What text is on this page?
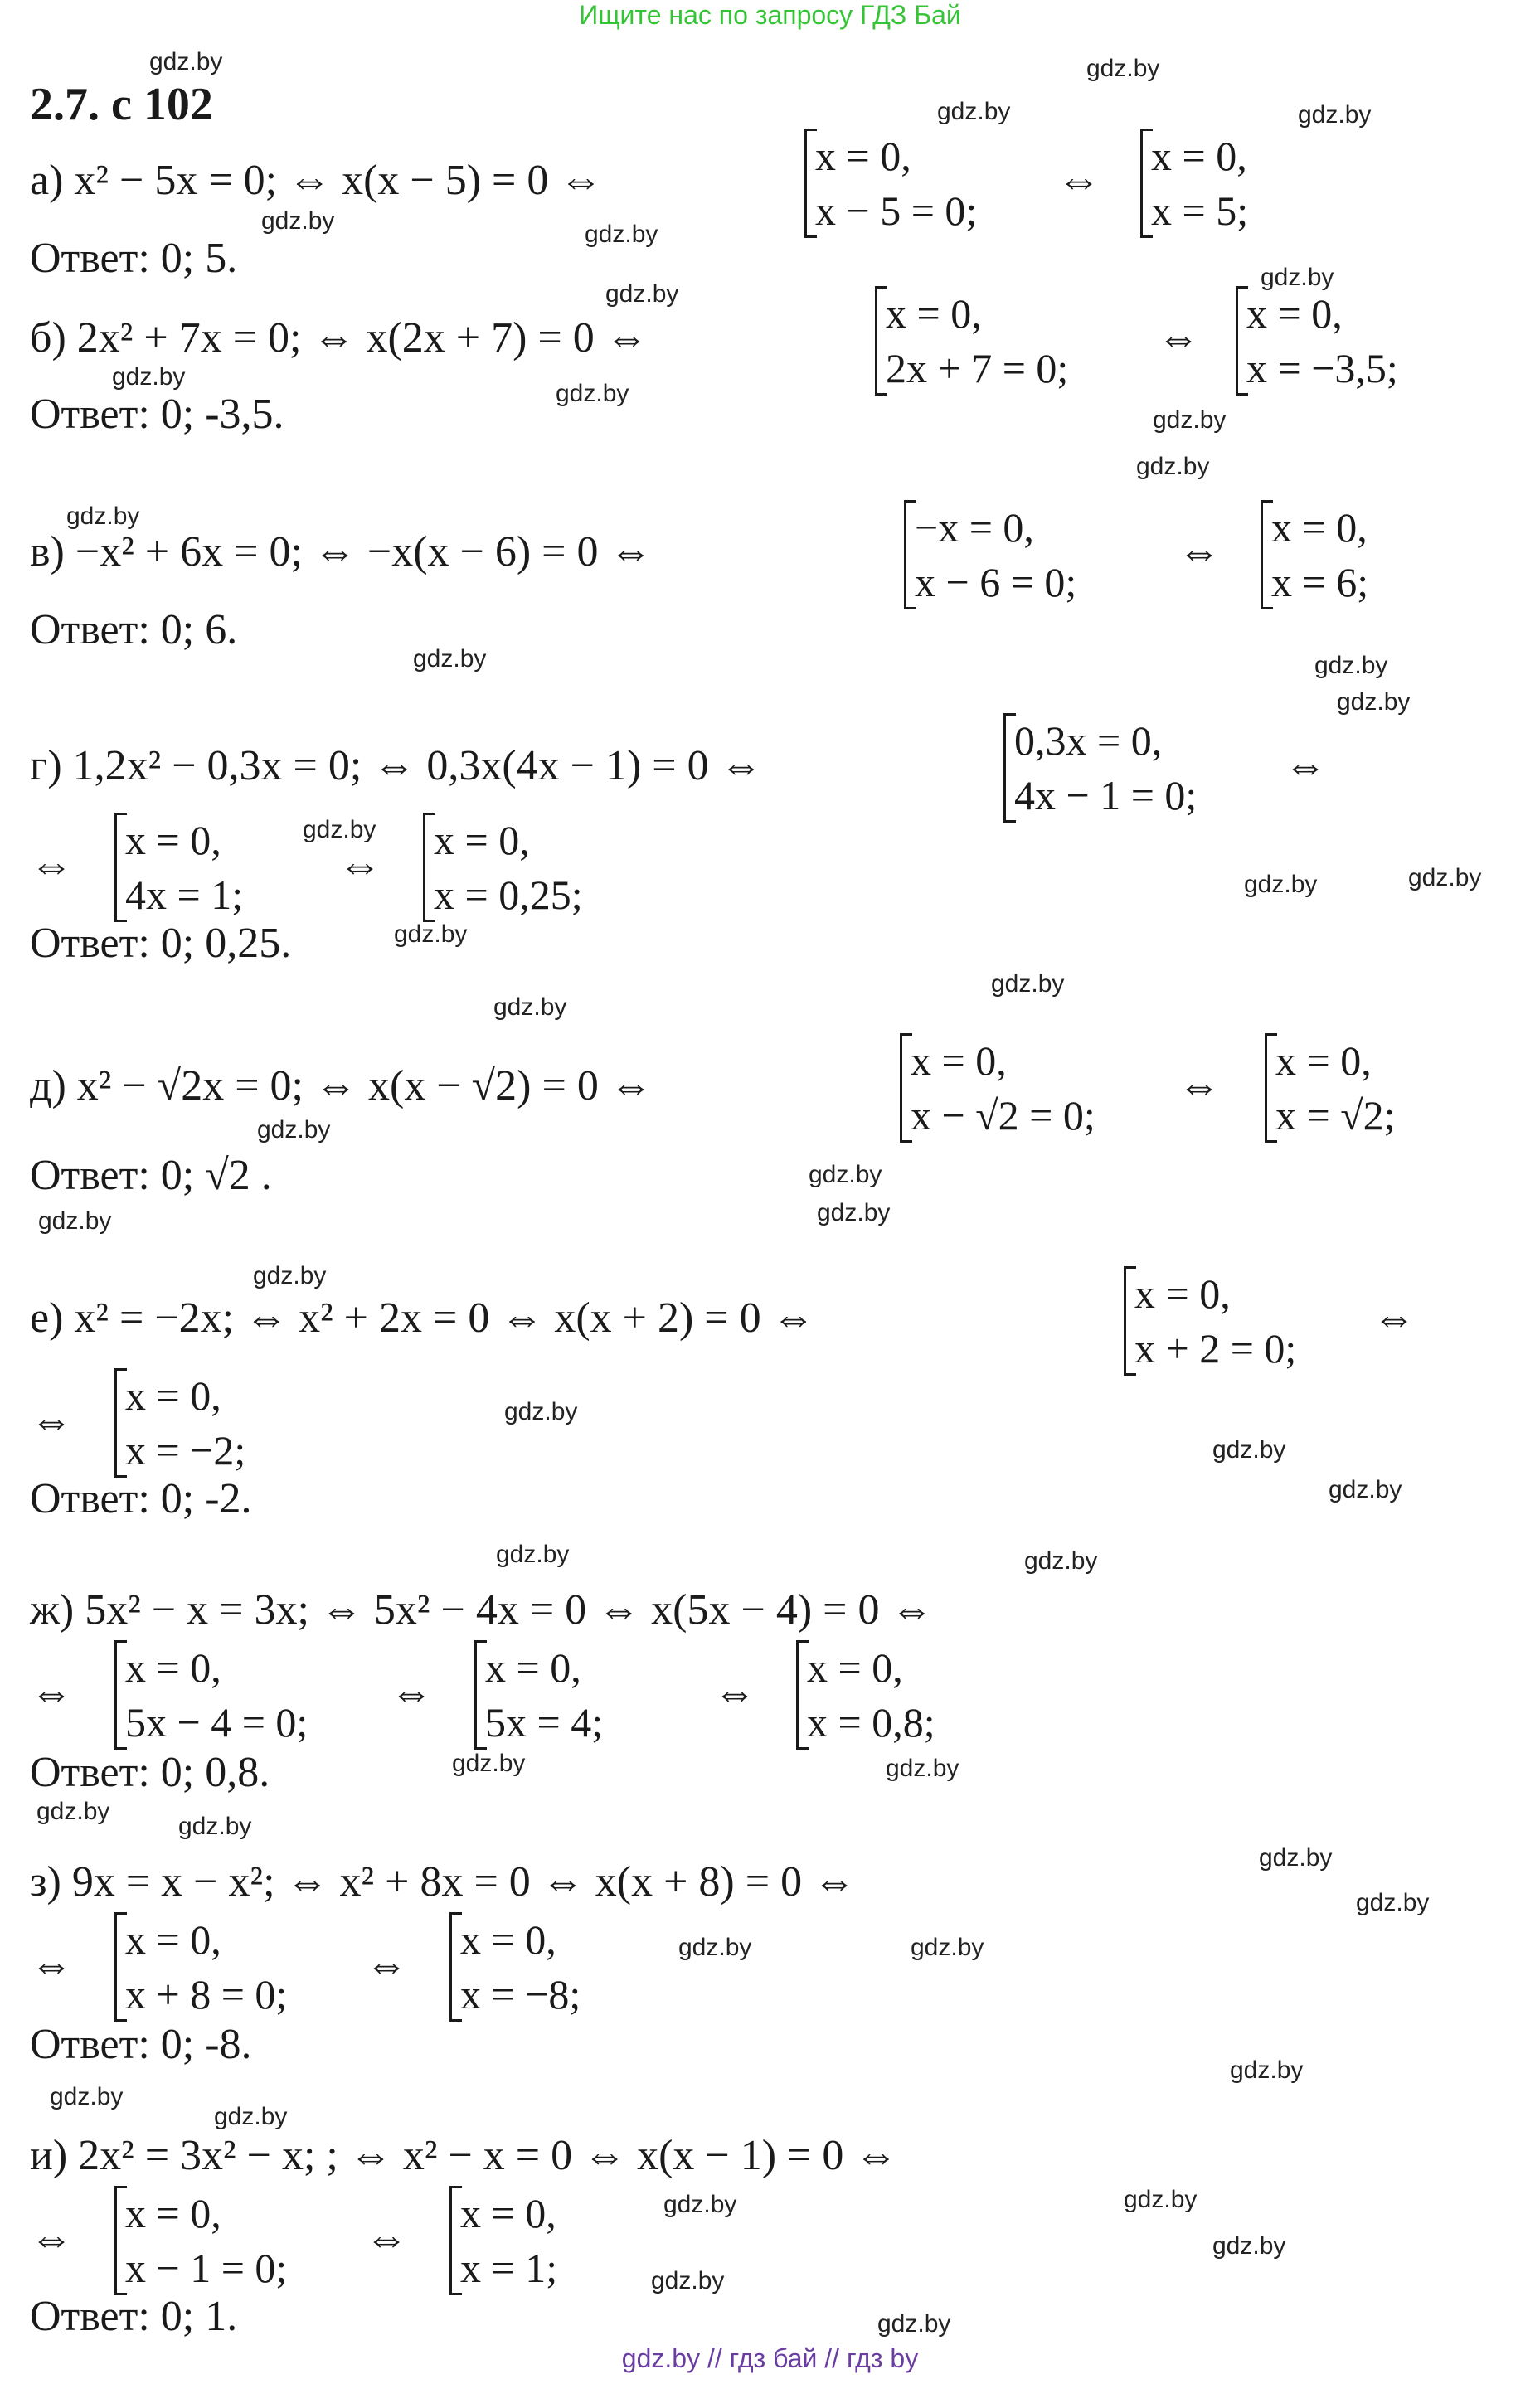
Ищите нас по запросу ГДЗ Бай
2.7. с 102
а) x² − 5x = 0; ⇔ x(x − 5) = 0 ⇔
x = 0,
x − 5 = 0;
⇔
x = 0,
x = 5;
Ответ: 0; 5.
б) 2x² + 7x = 0; ⇔ x(2x + 7) = 0 ⇔
x = 0,
2x + 7 = 0;
⇔
x = 0,
x = −3,5;
Ответ: 0; -3,5.
в) −x² + 6x = 0; ⇔ −x(x − 6) = 0 ⇔
−x = 0,
x − 6 = 0;
⇔
x = 0,
x = 6;
Ответ: 0; 6.
г) 1,2x² − 0,3x = 0; ⇔ 0,3x(4x − 1) = 0 ⇔
0,3x = 0,
4x − 1 = 0;
⇔
⇔
x = 0,
4x = 1;
⇔
x = 0,
x = 0,25;
Ответ: 0; 0,25.
д) x² − √2x = 0; ⇔ x(x − √2) = 0 ⇔
x = 0,
x − √2 = 0;
⇔
x = 0,
x = √2;
Ответ: 0; √2 .
е) x² = −2x; ⇔ x² + 2x = 0 ⇔ x(x + 2) = 0 ⇔
x = 0,
x + 2 = 0;
⇔
⇔
x = 0,
x = −2;
Ответ: 0; -2.
ж) 5x² − x = 3x; ⇔ 5x² − 4x = 0 ⇔ x(5x − 4) = 0 ⇔
⇔
x = 0,
5x − 4 = 0;
⇔
x = 0,
5x = 4;
⇔
x = 0,
x = 0,8;
Ответ: 0; 0,8.
з) 9x = x − x²; ⇔ x² + 8x = 0 ⇔ x(x + 8) = 0 ⇔
⇔
x = 0,
x + 8 = 0;
⇔
x = 0,
x = −8;
Ответ: 0; -8.
и) 2x² = 3x² − x; ; ⇔ x² − x = 0 ⇔ x(x − 1) = 0 ⇔
⇔
x = 0,
x − 1 = 0;
⇔
x = 0,
x = 1;
Ответ: 0; 1.
gdz.by	gdz.by
gdz.by	gdz.by
gdz.by	gdz.by
gdz.by
gdz.by
gdz.by
gdz.by
gdz.by
gdz.by
gdz.by
gdz.by	gdz.by
gdz.by
gdz.by
gdz.by	gdz.by
gdz.by
gdz.by
gdz.by
gdz.by
gdz.by
gdz.by
gdz.by
gdz.by
gdz.by
gdz.by
gdz.by
gdz.by	gdz.by
gdz.by	gdz.by
gdz.by
gdz.by
gdz.by
gdz.by
gdz.by	gdz.by
gdz.by
gdz.by
gdz.by
gdz.by	gdz.by
gdz.by
gdz.by
gdz.by
gdz.by // гдз бай // гдз by
